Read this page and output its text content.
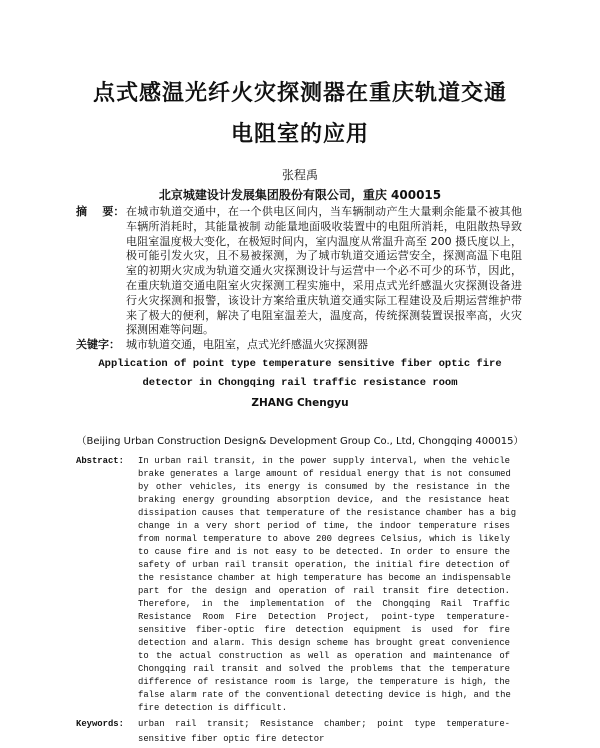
点式感温光纤火灾探测器在重庆轨道交通
电阻室的应用
张程禹
北京城建设计发展集团股份有限公司，重庆 400015
摘    要： 在城市轨道交通中，在一个供电区间内，当车辆制动产生大量剩余能量不被其他
车辆所消耗时，其能量被制 动能量地面吸收装置中的电阻所消耗，电阻散热导致
电阻室温度极大变化，在极短时间内，室内温度从常温升高至 200 摄氏度以上，
极可能引发火灾，且不易被探测，为了城市轨道交通运营安全，探测高温下电阻
室的初期火灾成为轨道交通火灾探测设计与运营中一个必不可少的环节，因此，
在重庆轨道交通电阻室火灾探测工程实施中，采用点式光纤感温火灾探测设备进
行火灾探测和报警，该设计方案给重庆轨道交通实际工程建设及后期运营维护带
来了极大的便利，解决了电阻室温差大，温度高，传统探测装置误报率高，火灾
探测困难等问题。
关键字： 城市轨道交通，电阻室，点式光纤感温火灾探测器
Application of point type temperature sensitive fiber optic fire
detector in Chongqing rail traffic resistance room
ZHANG Chengyu
（Beijing Urban Construction Design& Development Group Co., Ltd, Chongqing 400015）
Abstract: In urban rail transit, in the power supply interval, when the vehicle
brake generates a large amount of residual energy that is not consumed
by other vehicles, its energy is consumed by the resistance in the
braking energy grounding absorption device, and the resistance heat
dissipation causes that temperature of the resistance chamber has a big
change in a very short period of time, the indoor temperature rises
from normal temperature to above 200 degrees Celsius, which is likely
to cause fire and is not easy to be detected. In order to ensure the
safety of urban rail transit operation, the initial fire detection of
the resistance chamber at high temperature has become an indispensable
part for the design and operation of rail transit fire detection.
Therefore, in the implementation of the Chongqing Rail Traffic
Resistance Room Fire Detection Project, point-type temperature-
sensitive fiber-optic fire detection equipment is used for fire
detection and alarm. This design scheme has brought great convenience
to the actual construction as well as operation and maintenance of
Chongqing rail transit and solved the problems that the temperature
difference of resistance room is large, the temperature is high, the
false alarm rate of the conventional detecting device is high, and the
fire detection is difficult.
Keywords: urban rail transit; Resistance chamber; point type temperature-
sensitive fiber optic fire detector
